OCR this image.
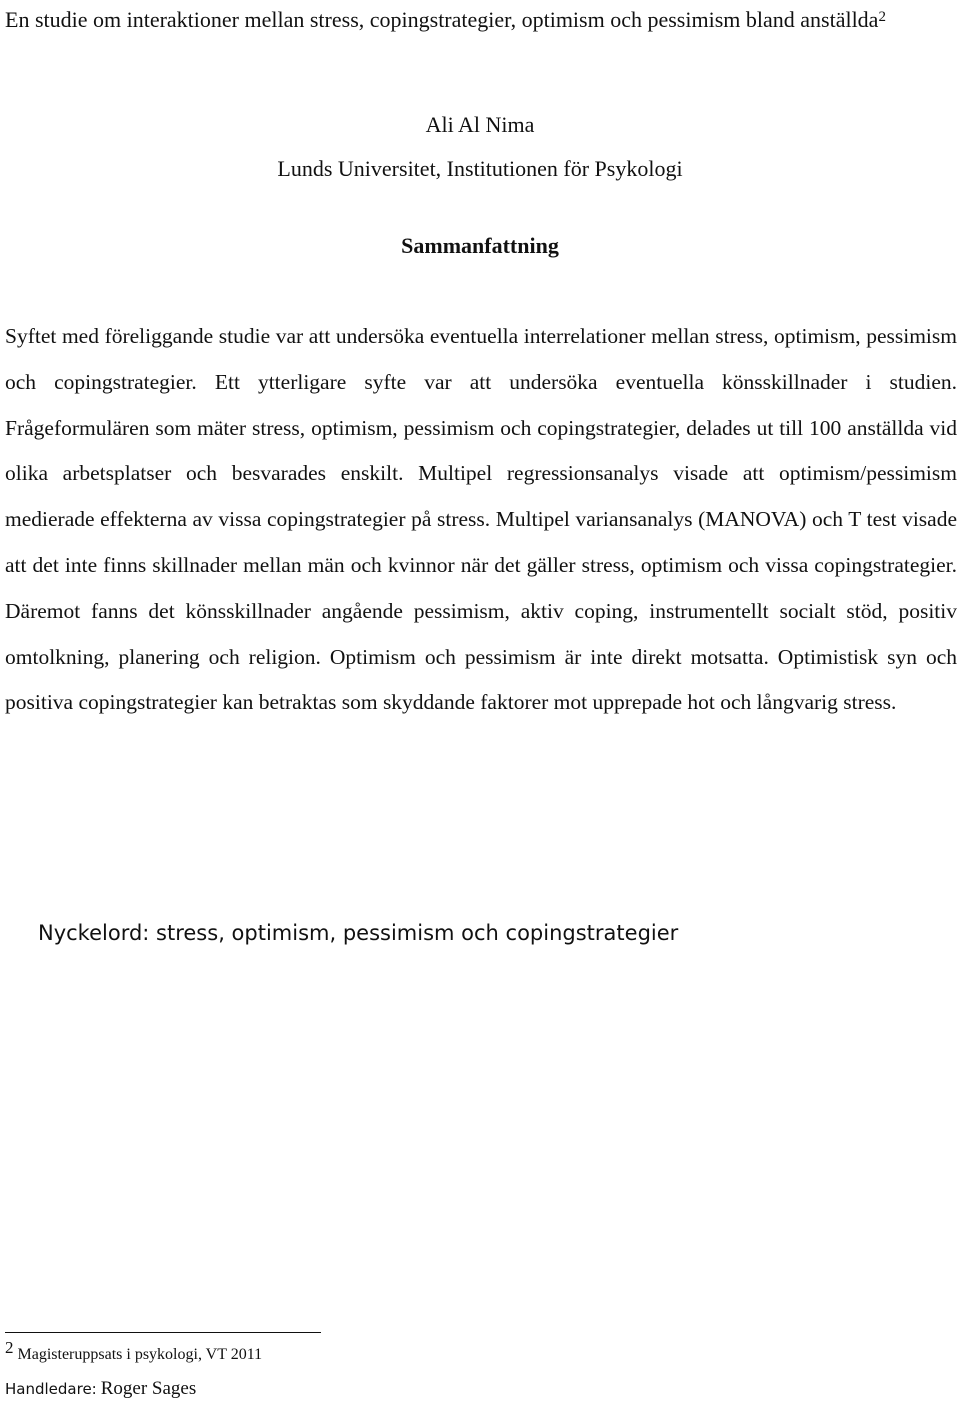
En studie om interaktioner mellan stress, copingstrategier, optimism och pessimism bland anställda$^2$

Ali Al Nima

Lunds Universitet, Institutionen för Psykologi

Sammanfattning

Syftet med föreliggande studie var att undersöka eventuella interrelationer mellan stress, optimism, pessimism och copingstrategier. Ett ytterligare syfte var att undersöka eventuella könsskillnader i studien. Frågeformulären som mäter stress, optimism, pessimism och copingstrategier, delades ut till 100 anställda vid olika arbetsplatser och besvarades enskilt. Multipel regressionsanalys visade att optimism/pessimism medierade effekterna av vissa copingstrategier på stress. Multipel variansanalys (MANOVA) och T test visade att det inte finns skillnader mellan män och kvinnor när det gäller stress, optimism och vissa copingstrategier. Däremot fanns det könsskillnader angående pessimism, aktiv coping, instrumentellt socialt stöd, positiv omtolkning, planering och religion. Optimism och pessimism är inte direkt motsatta. Optimistisk syn och positiva copingstrategier kan betraktas som skyddande faktorer mot upprepade hot och långvarig stress.

Nyckelord: stress, optimism, pessimism och copingstrategier

2 Magisteruppsats i psykologi, VT 2011

Handledare: Roger Sages
